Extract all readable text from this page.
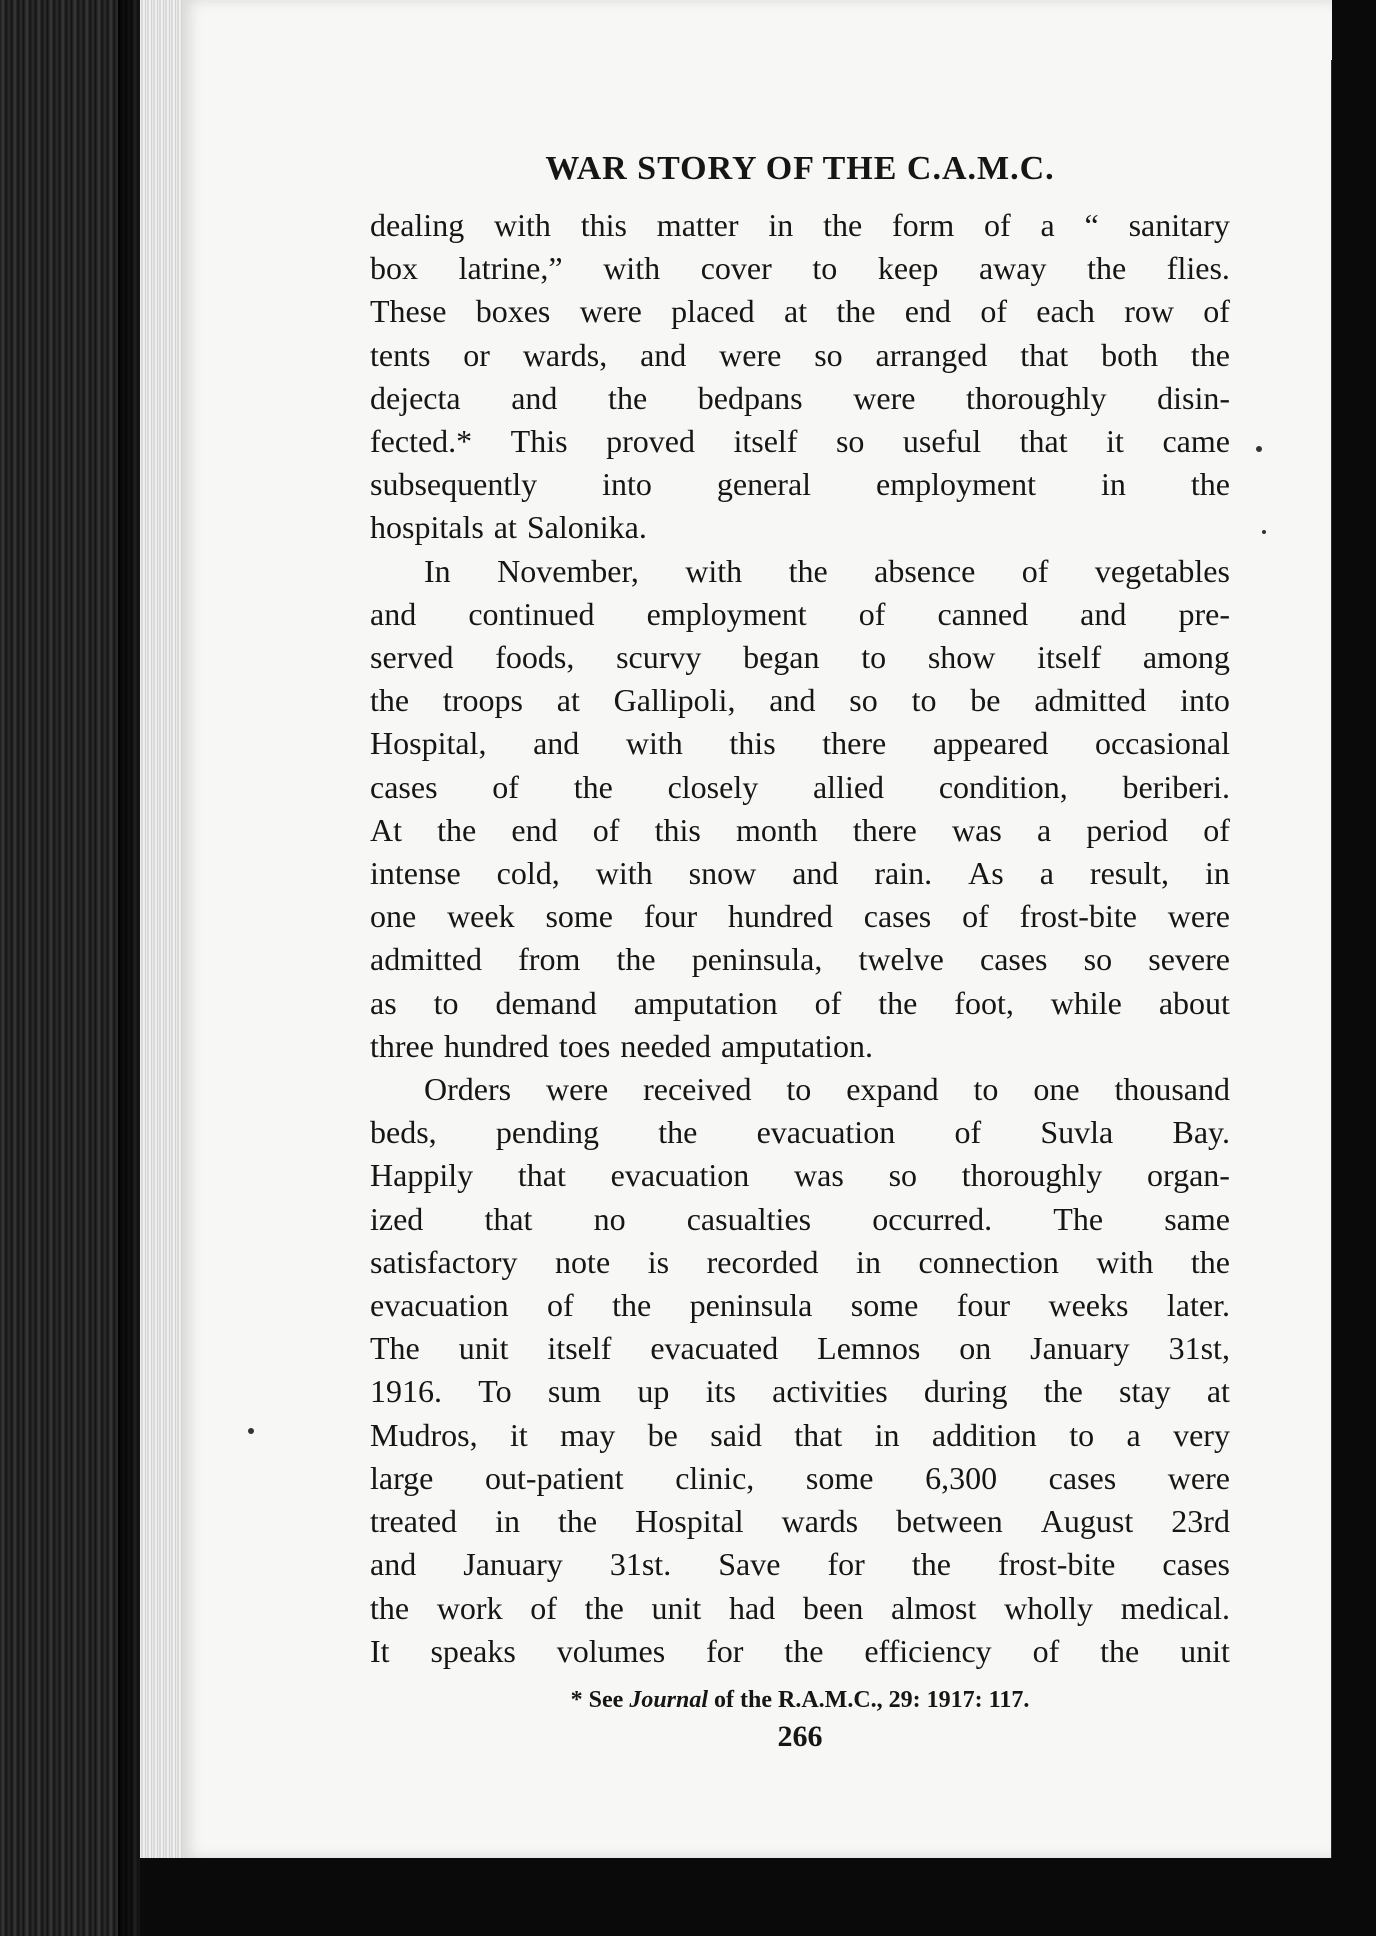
WAR STORY OF THE C.A.M.C.
dealing with this matter in the form of a “ sanitary
box latrine,” with cover to keep away the flies.
These boxes were placed at the end of each row of
tents or wards, and were so arranged that both the
dejecta and the bedpans were thoroughly disin-
fected.* This proved itself so useful that it came
subsequently into general employment in the
hospitals at Salonika.
In November, with the absence of vegetables
and continued employment of canned and pre-
served foods, scurvy began to show itself among
the troops at Gallipoli, and so to be admitted into
Hospital, and with this there appeared occasional
cases of the closely allied condition, beriberi.
At the end of this month there was a period of
intense cold, with snow and rain. As a result, in
one week some four hundred cases of frost-bite were
admitted from the peninsula, twelve cases so severe
as to demand amputation of the foot, while about
three hundred toes needed amputation.
Orders were received to expand to one thousand
beds, pending the evacuation of Suvla Bay.
Happily that evacuation was so thoroughly organ-
ized that no casualties occurred. The same
satisfactory note is recorded in connection with the
evacuation of the peninsula some four weeks later.
The unit itself evacuated Lemnos on January 31st,
1916. To sum up its activities during the stay at
Mudros, it may be said that in addition to a very
large out-patient clinic, some 6,300 cases were
treated in the Hospital wards between August 23rd
and January 31st. Save for the frost-bite cases
the work of the unit had been almost wholly medical.
It speaks volumes for the efficiency of the unit
* See Journal of the R.A.M.C., 29: 1917: 117.
266
